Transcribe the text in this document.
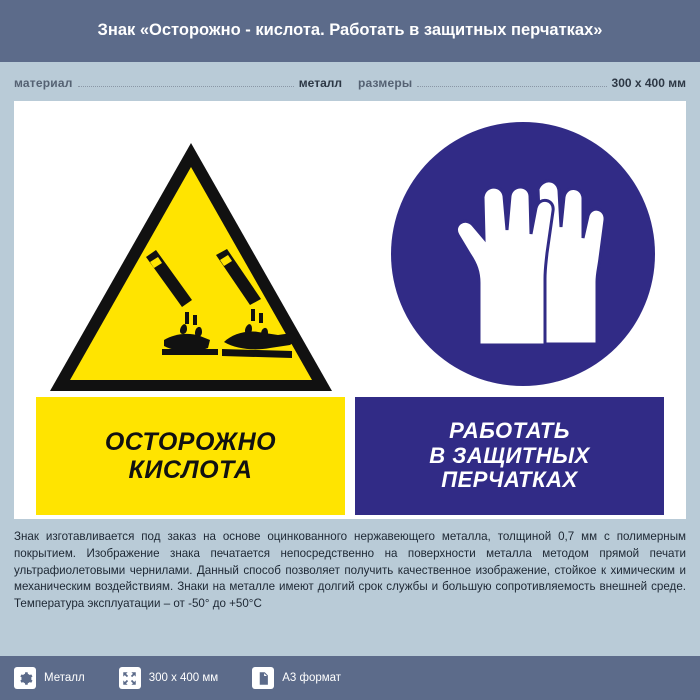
Знак «Осторожно - кислота. Работать в защитных перчатках»
материал	металл размеры	300 x 400 мм
ОСТОРОЖНО
КИСЛОТА
РАБОТАТЬ
В ЗАЩИТНЫХ
ПЕРЧАТКАХ
Знак изготавливается под заказ на основе оцинкованного нержавеющего металла, толщиной 0,7 мм с полимерным покрытием. Изображение знака печатается непосредственно на поверхности металла методом прямой печати ультрафиолетовыми чернилами. Данный способ позволяет получить качественное изображение, стойкое к химическим и механическим воздействиям. Знаки на металле имеют долгий срок службы и большую сопротивляемость внешней среде. Температура эксплуатации – от -50° до +50°C
Металл	300 x 400 мм	A3 формат
